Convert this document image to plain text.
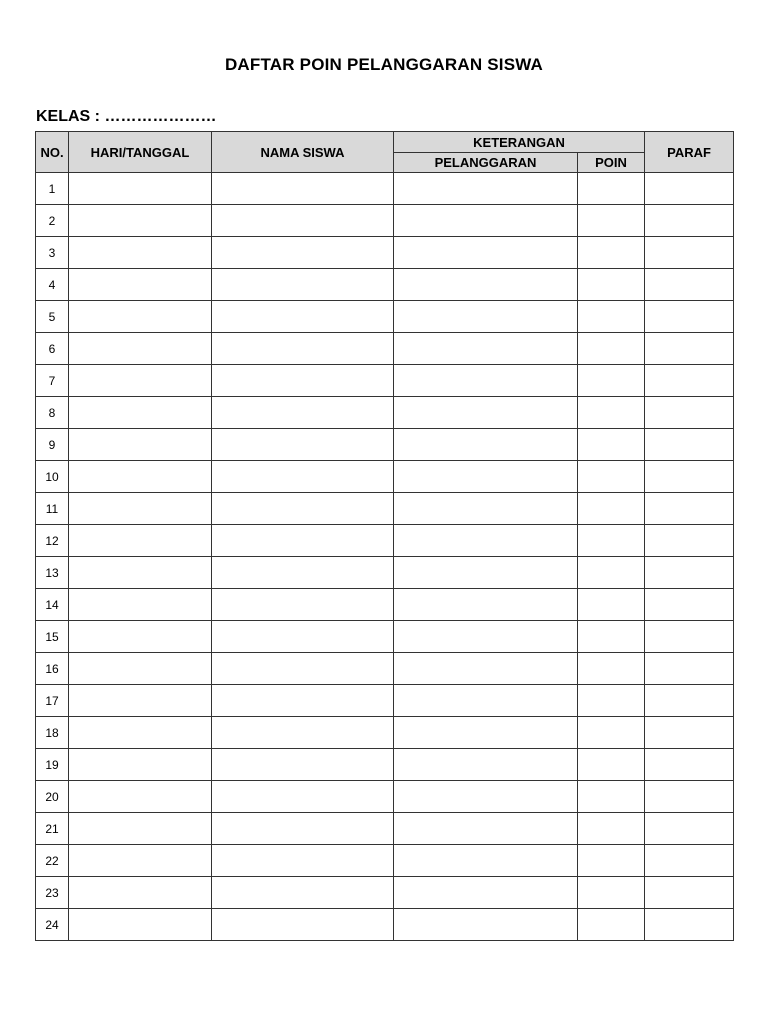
DAFTAR POIN PELANGGARAN SISWA
KELAS : …………………
NO.	HARI/TANGGAL	NAMA SISWA	KETERANGAN		PARAF
			PELANGGARAN	POIN	
1					
2					
3					
4					
5					
6					
7					
8					
9					
10					
11					
12					
13					
14					
15					
16					
17					
18					
19					
20					
21					
22					
23					
24					
